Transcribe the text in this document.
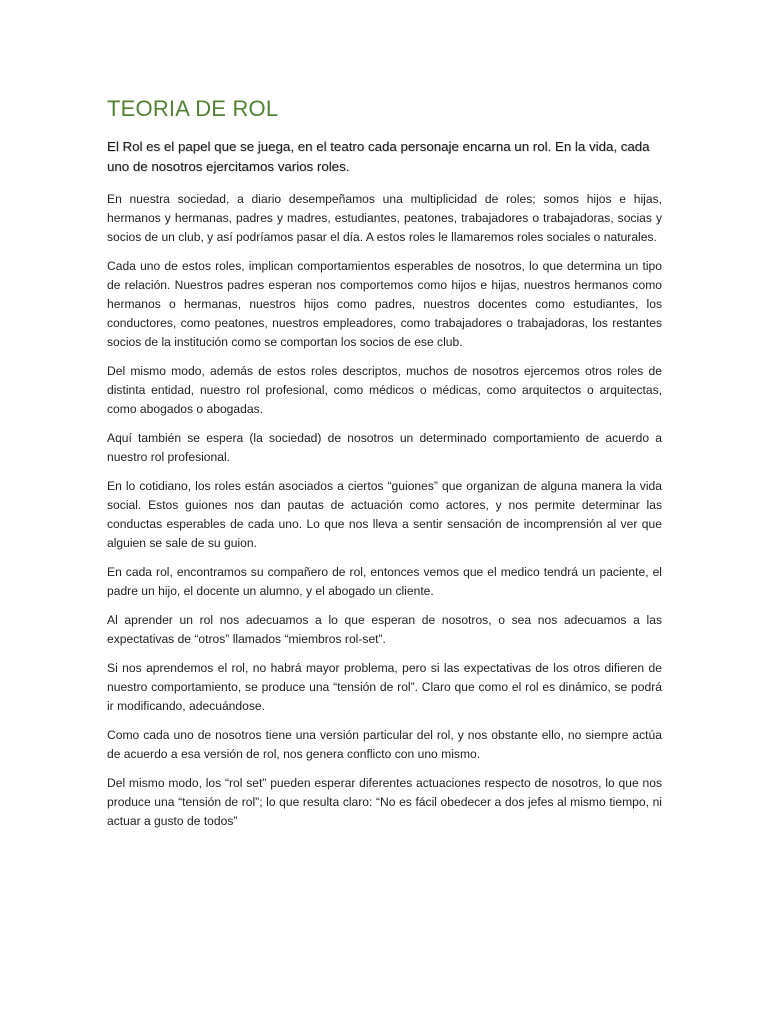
TEORIA DE ROL

El Rol es el papel que se juega, en el teatro cada personaje encarna un rol. En la vida, cada uno de nosotros ejercitamos varios roles.

En nuestra sociedad, a diario desempeñamos una multiplicidad de roles; somos hijos e hijas, hermanos y hermanas, padres y madres, estudiantes, peatones, trabajadores o trabajadoras, socias y socios de un club, y así podríamos pasar el día. A estos roles le llamaremos roles sociales o naturales.

Cada uno de estos roles, implican comportamientos esperables de nosotros, lo que determina un tipo de relación. Nuestros padres esperan nos comportemos como hijos e hijas, nuestros hermanos como hermanos o hermanas, nuestros hijos como padres, nuestros docentes como estudiantes, los conductores, como peatones, nuestros empleadores, como trabajadores o trabajadoras, los restantes socios de la institución como se comportan los socios de ese club.

Del mismo modo, además de estos roles descriptos, muchos de nosotros ejercemos otros roles de distinta entidad, nuestro rol profesional, como médicos o médicas, como arquitectos o arquitectas, como abogados o abogadas.

Aquí también se espera (la sociedad) de nosotros un determinado comportamiento de acuerdo a nuestro rol profesional.

En lo cotidiano, los roles están asociados a ciertos “guiones” que organizan de alguna manera la vida social. Estos guiones nos dan pautas de actuación como actores, y nos permite determinar las conductas esperables de cada uno. Lo que nos lleva a sentir sensación de incomprensión al ver que alguien se sale de su guion.

En cada rol, encontramos su compañero de rol, entonces vemos que el medico tendrá un paciente, el padre un hijo, el docente un alumno, y el abogado un cliente.

Al aprender un rol nos adecuamos a lo que esperan de nosotros, o sea nos adecuamos a las expectativas de “otros” llamados “miembros rol-set”.

Si nos aprendemos el rol, no habrá mayor problema, pero si las expectativas de los otros difieren de nuestro comportamiento, se produce una “tensión de rol”. Claro que como el rol es dinámico, se podrá ir modificando, adecuándose.

Como cada uno de nosotros tiene una versión particular del rol, y nos obstante ello, no siempre actúa de acuerdo a esa versión de rol, nos genera conflicto con uno mismo.

Del mismo modo, los “rol set” pueden esperar diferentes actuaciones respecto de nosotros, lo que nos produce una “tensión de rol”; lo que resulta claro: “No es fácil obedecer a dos jefes al mismo tiempo, ni actuar a gusto de todos”
